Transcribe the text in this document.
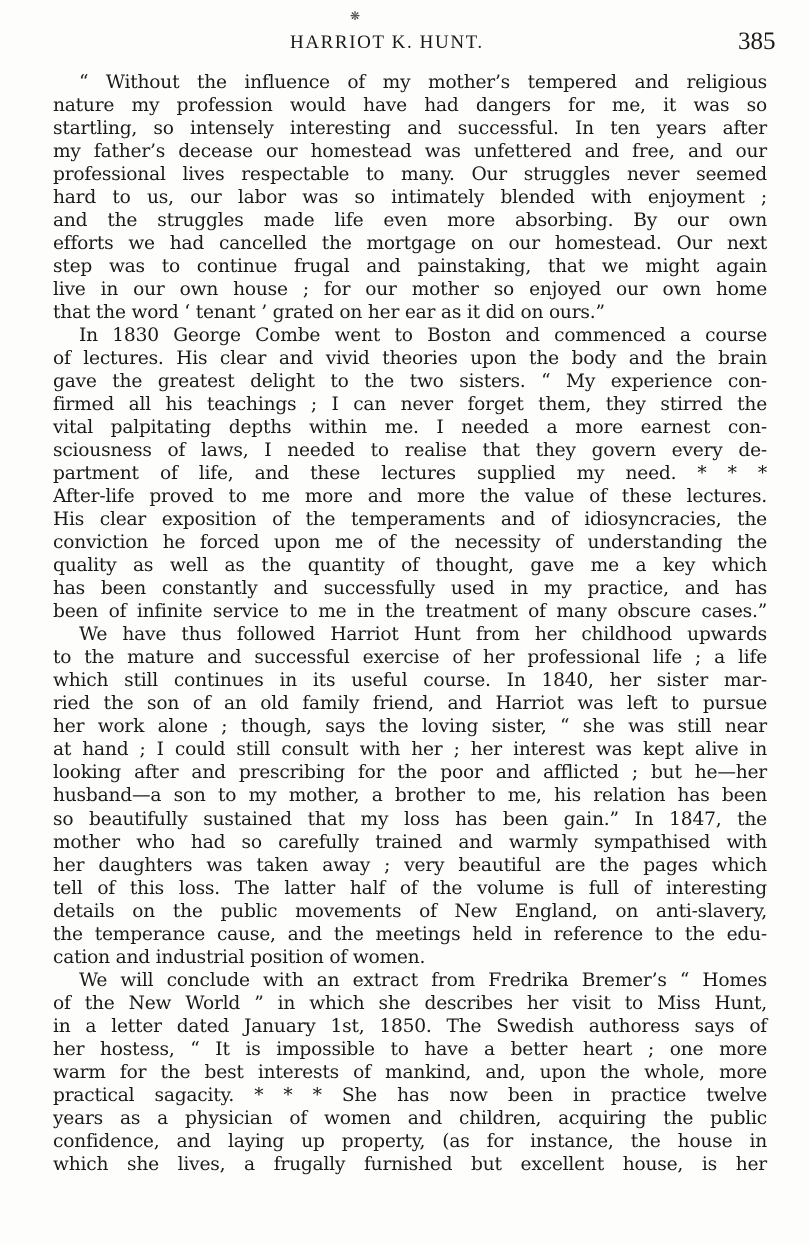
❋
HARRIOT K. HUNT.	385
“ Without the influence of my mother’s tempered and religious
nature my profession would have had dangers for me, it was so
startling, so intensely interesting and successful. In ten years after
my father’s decease our homestead was unfettered and free, and our
professional lives respectable to many. Our struggles never seemed
hard to us, our labor was so intimately blended with enjoyment ;
and the struggles made life even more absorbing. By our own
efforts we had cancelled the mortgage on our homestead. Our next
step was to continue frugal and painstaking, that we might again
live in our own house ; for our mother so enjoyed our own home
that the word ‘ tenant ’ grated on her ear as it did on ours.”
In 1830 George Combe went to Boston and commenced a course
of lectures. His clear and vivid theories upon the body and the brain
gave the greatest delight to the two sisters. “ My experience con-
firmed all his teachings ; I can never forget them, they stirred the
vital palpitating depths within me. I needed a more earnest con-
sciousness of laws, I needed to realise that they govern every de-
partment of life, and these lectures supplied my need. * * *
After-life proved to me more and more the value of these lectures.
His clear exposition of the temperaments and of idiosyncracies, the
conviction he forced upon me of the necessity of understanding the
quality as well as the quantity of thought, gave me a key which
has been constantly and successfully used in my practice, and has
been of infinite service to me in the treatment of many obscure cases.”
We have thus followed Harriot Hunt from her childhood upwards
to the mature and successful exercise of her professional life ; a life
which still continues in its useful course. In 1840, her sister mar-
ried the son of an old family friend, and Harriot was left to pursue
her work alone ; though, says the loving sister, “ she was still near
at hand ; I could still consult with her ; her interest was kept alive in
looking after and prescribing for the poor and afflicted ; but he—her
husband—a son to my mother, a brother to me, his relation has been
so beautifully sustained that my loss has been gain.” In 1847, the
mother who had so carefully trained and warmly sympathised with
her daughters was taken away ; very beautiful are the pages which
tell of this loss. The latter half of the volume is full of interesting
details on the public movements of New England, on anti-slavery,
the temperance cause, and the meetings held in reference to the edu-
cation and industrial position of women.
We will conclude with an extract from Fredrika Bremer’s “ Homes
of the New World ” in which she describes her visit to Miss Hunt,
in a letter dated January 1st, 1850. The Swedish authoress says of
her hostess, “ It is impossible to have a better heart ; one more
warm for the best interests of mankind, and, upon the whole, more
practical sagacity. * * * She has now been in practice twelve
years as a physician of women and children, acquiring the public
confidence, and laying up property, (as for instance, the house in
which she lives, a frugally furnished but excellent house, is her
